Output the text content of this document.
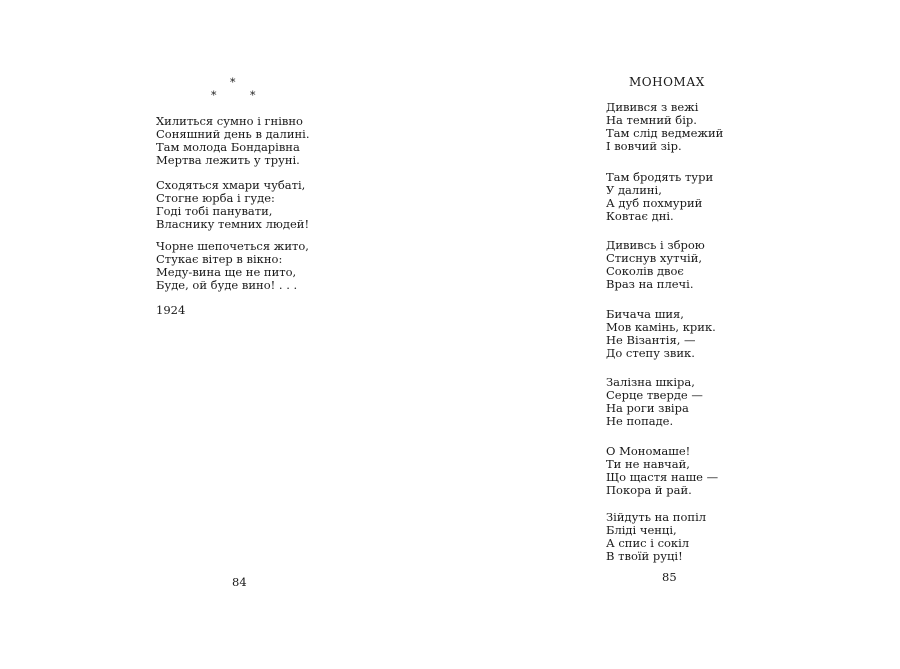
*
*	*
Хилиться сумно і гнівно
Соняшний день в далині.
Там молода Бондарівна
Мертва лежить у труні.
Сходяться хмари чубаті,
Стогне юрба і гуде:
Годі тобі панувати,
Власнику темних людей!
Чорне шепочеться жито,
Стукає вітер в вікно:
Меду-вина ще не пито,
Буде, ой буде вино! . . .
1924
84
МОНОМАХ
Дивився з вежі
На темний бір.
Там слід ведмежий
І вовчий зір.
Там бродять тури
У далині,
А дуб похмурий
Ковтає дні.
Дививсь і зброю
Стиснув хутчій,
Соколів двоє
Враз на плечі.
Бичача шия,
Мов камінь, крик.
Не Візантія, —
До степу звик.
Залізна шкіра,
Серце тверде —
На роги звіра
Не попаде.
О Мономаше!
Ти не навчай,
Що щастя наше —
Покора й рай.
Зійдуть на попіл
Бліді ченці,
А спис і сокіл
В твоїй руці!
85
